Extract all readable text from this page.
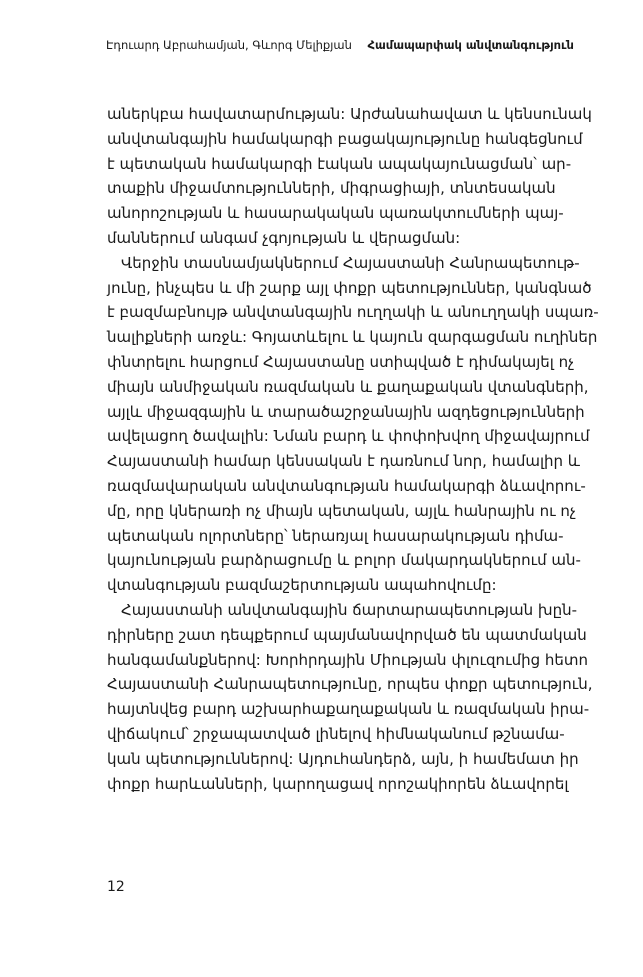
Էդուարդ Աբրահամյան, Գևորգ Մելիքյան Համապարփակ անվտանգություն
աներկբա հավատարմության: Արժանահավատ և կենսունակ
անվտանգային համակարգի բացակայությունը հանգեցնում
է պետական համակարգի էական ապակայունացման՝ ար-
տաքին միջամտությունների, միգրացիայի, տնտեսական
անորոշության և հասարակական պառակտումների պայ-
մաններում անգամ չգոյության և վերացման:
Վերջին տասնամյակներում Հայաստանի Հանրապետութ-
յունը, ինչպես և մի շարք այլ փոքր պետություններ, կանգնած
է բազմաբնույթ անվտանգային ուղղակի և անուղղակի սպառ-
նալիքների առջև: Գոյատևելու և կայուն զարգացման ուղիներ
փնտրելու հարցում Հայաստանը ստիպված է դիմակայել ոչ
միայն անմիջական ռազմական և քաղաքական վտանգների,
այլև միջազգային և տարածաշրջանային ազդեցությունների
ավելացող ծավալին: Նման բարդ և փոփոխվող միջավայրում
Հայաստանի համար կենսական է դառնում նոր, համալիր և
ռազմավարական անվտանգության համակարգի ձևավորու-
մը, որը կներառի ոչ միայն պետական, այլև հանրային ու ոչ
պետական ոլորտները՝ ներառյալ հասարակության դիմա-
կայունության բարձրացումը և բոլոր մակարդակներում ան-
վտանգության բազմաշերտության ապահովումը:
Հայաստանի անվտանգային ճարտարապետության խըն-
դիրները շատ դեպքերում պայմանավորված են պատմական
հանգամանքներով: Խորհրդային Միության փլուզումից հետո
Հայաստանի Հանրապետությունը, որպես փոքր պետություն,
հայտնվեց բարդ աշխարհաքաղաքական և ռազմական իրա-
վիճակում՝ շրջապատված լինելով հիմնականում թշնամա-
կան պետություններով: Այդուհանդերձ, այն, ի համեմատ իր
փոքր հարևանների, կարողացավ որոշակիորեն ձևավորել
12
